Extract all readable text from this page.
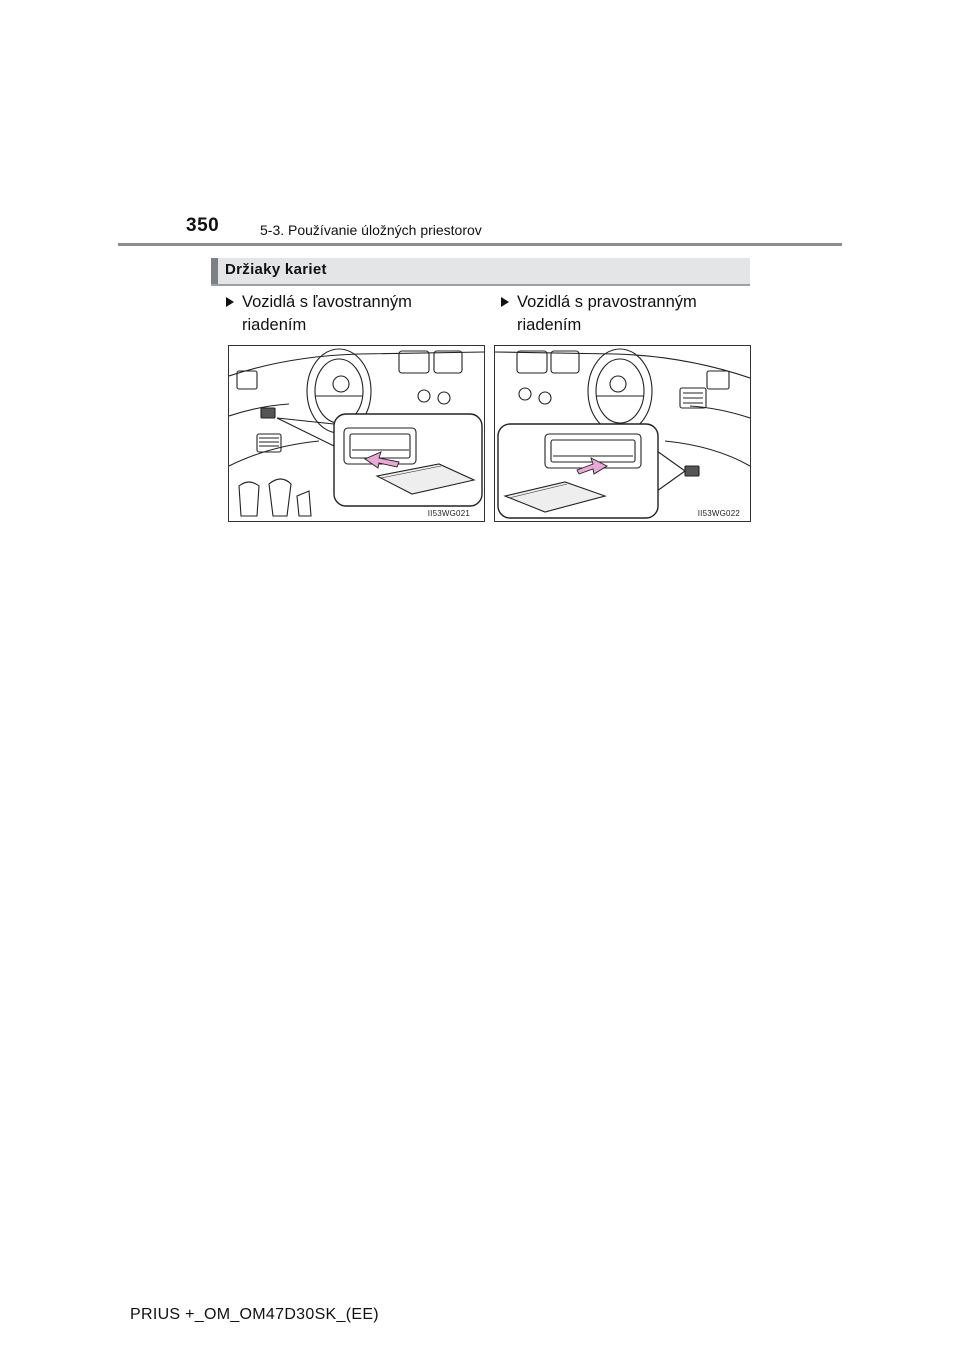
350	5-3. Používanie úložných priestorov
Držiaky kariet
Vozidlá s ľavostranným riadením
Vozidlá s pravostranným riadením
II53WG021	II53WG022
PRIUS +_OM_OM47D30SK_(EE)
